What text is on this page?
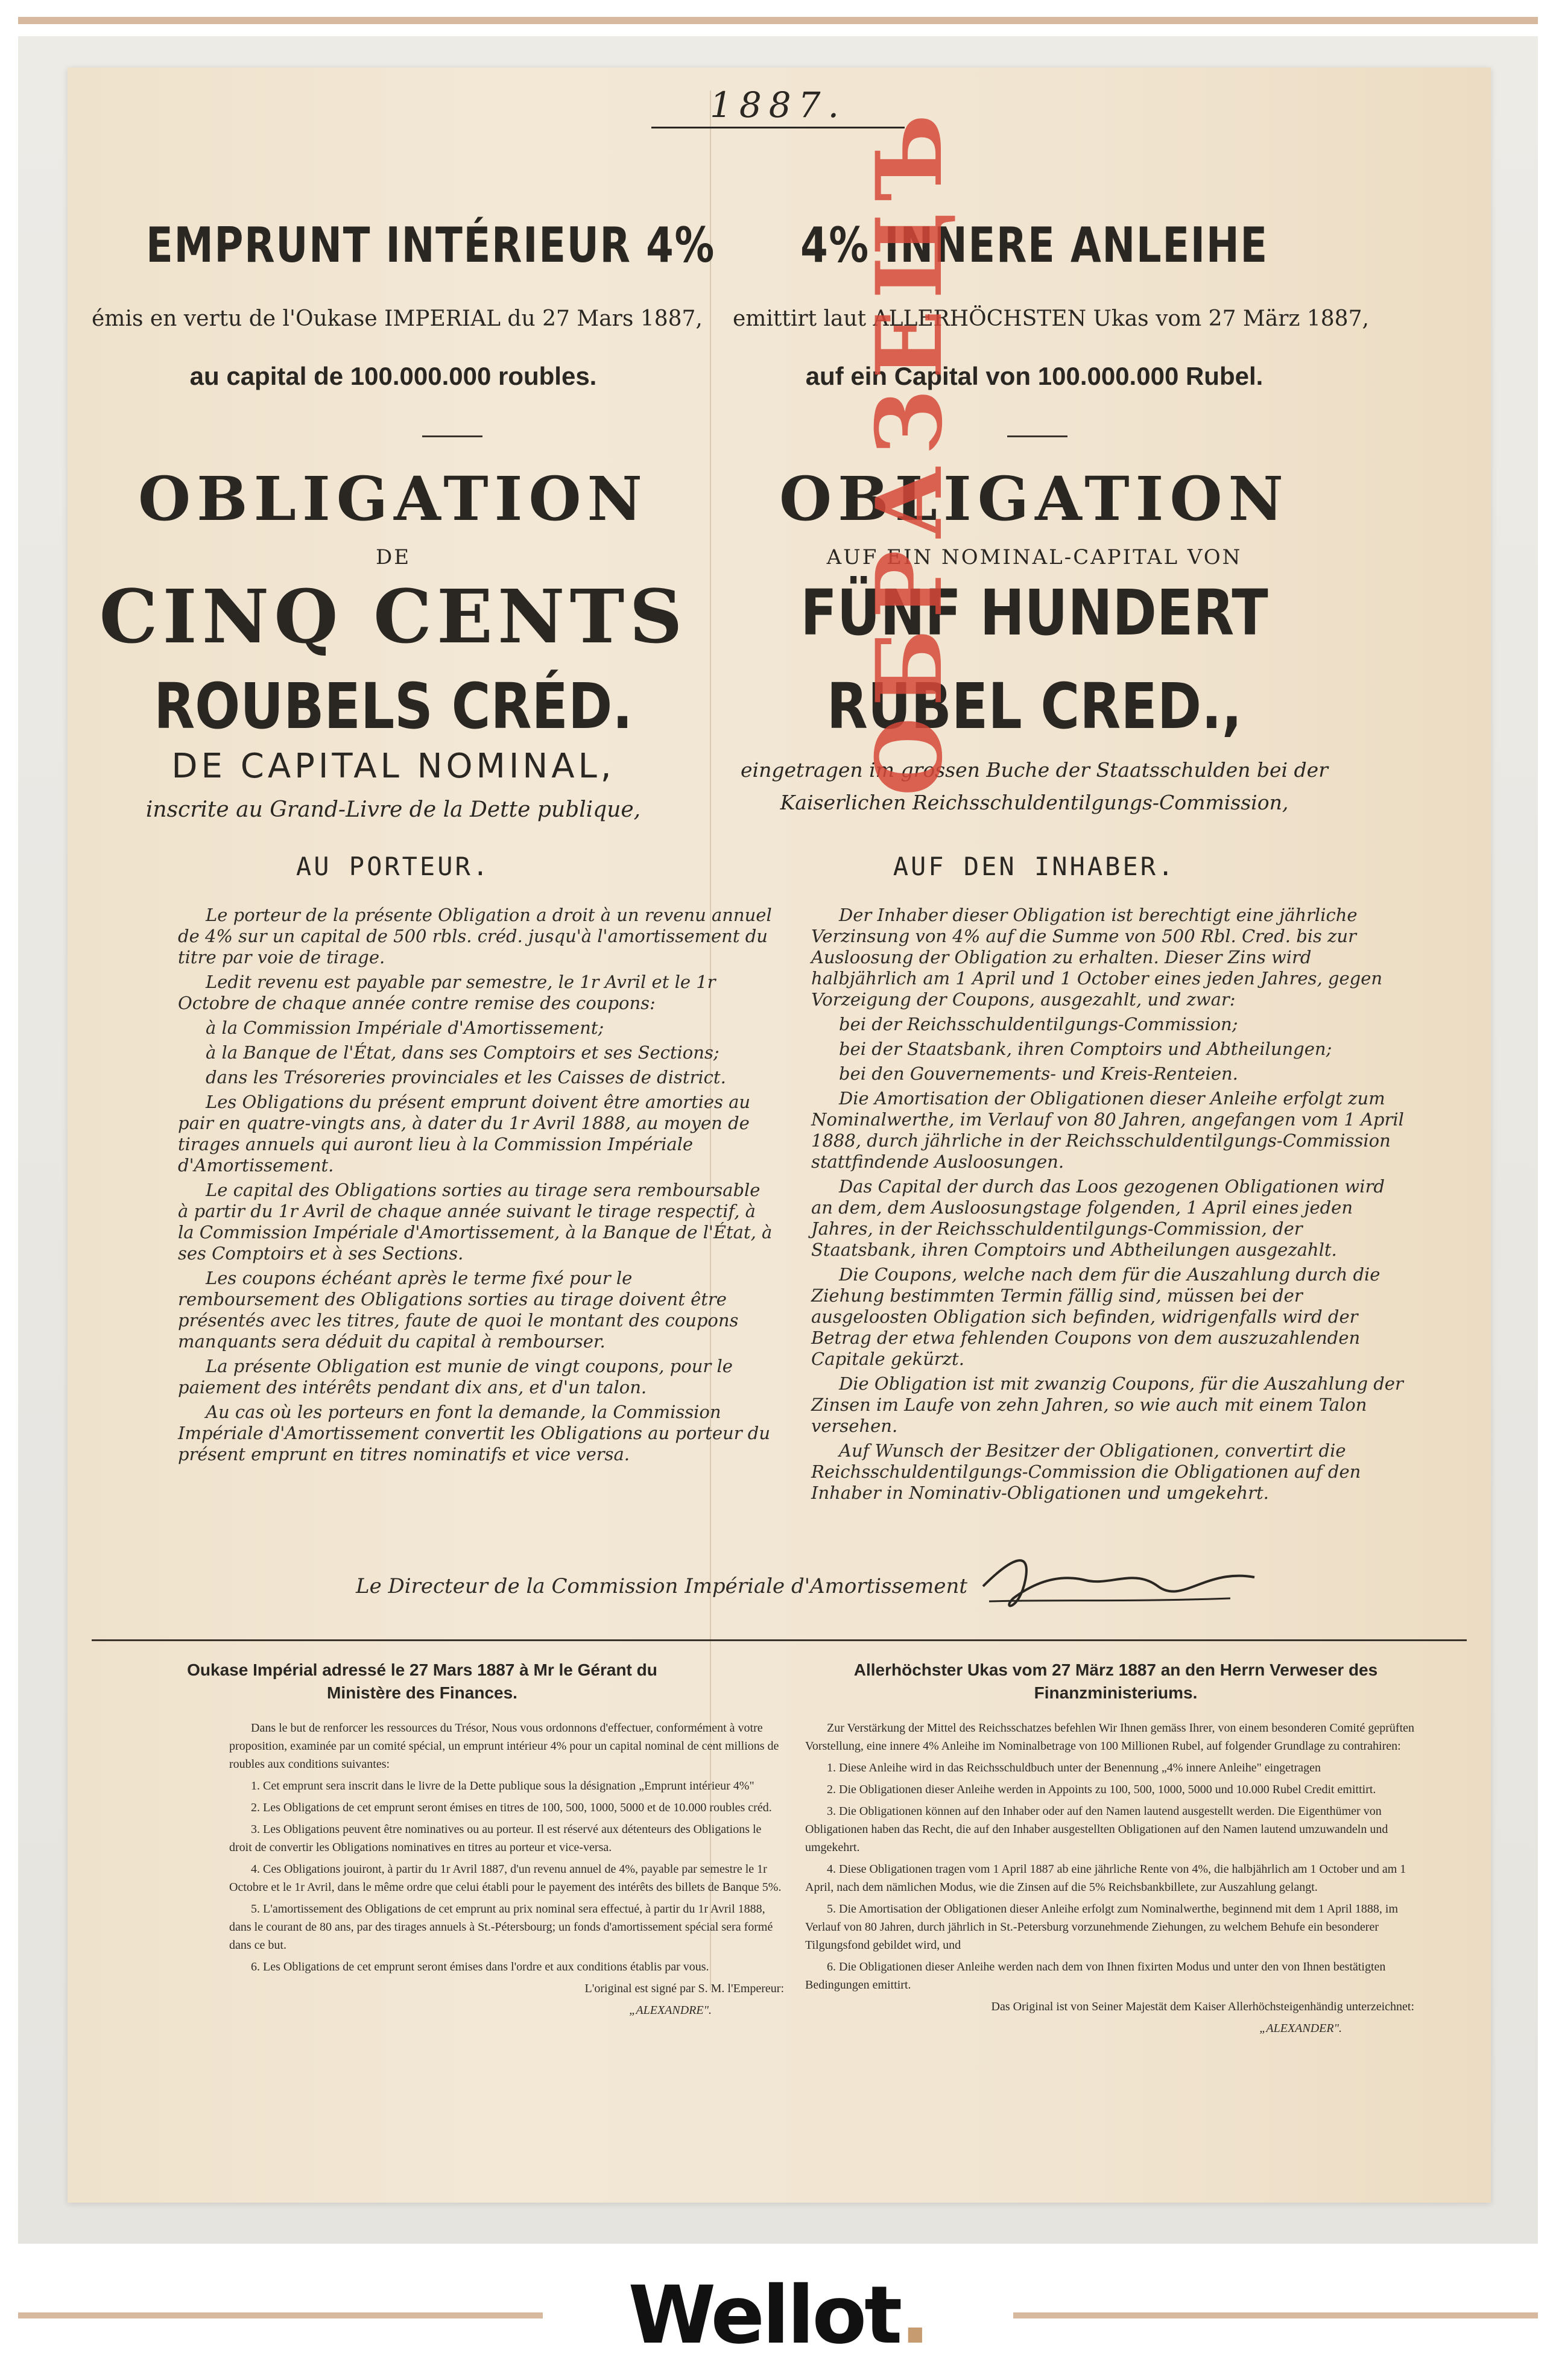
1887.
EMPRUNT INTÉRIEUR 4%
émis en vertu de l'Oukase IMPERIAL du 27 Mars 1887,
au capital de 100.000.000 roubles.
OBLIGATION
DE
CINQ CENTS
ROUBELS CRÉD.
DE CAPITAL NOMINAL,
inscrite au Grand-Livre de la Dette publique,
AU PORTEUR.

Le porteur de la présente Obligation a droit à un revenu annuel de 4% sur un capital de 500 rbls. créd. jusqu'à l'amortissement du titre par voie de tirage.

Ledit revenu est payable par semestre, le 1r Avril et le 1r Octobre de chaque année contre remise des coupons:

à la Commission Impériale d'Amortissement;

à la Banque de l'État, dans ses Comptoirs et ses Sections;

dans les Trésoreries provinciales et les Caisses de district.

Les Obligations du présent emprunt doivent être amorties au pair en quatre-vingts ans, à dater du 1r Avril 1888, au moyen de tirages annuels qui auront lieu à la Commission Impériale d'Amortissement.

Le capital des Obligations sorties au tirage sera remboursable à partir du 1r Avril de chaque année suivant le tirage respectif, à la Commission Impériale d'Amortissement, à la Banque de l'État, à ses Comptoirs et à ses Sections.

Les coupons échéant après le terme fixé pour le remboursement des Obligations sorties au tirage doivent être présentés avec les titres, faute de quoi le montant des coupons manquants sera déduit du capital à rembourser.

La présente Obligation est munie de vingt coupons, pour le paiement des intérêts pendant dix ans, et d'un talon.

Au cas où les porteurs en font la demande, la Commission Impériale d'Amortissement convertit les Obligations au porteur du présent emprunt en titres nominatifs et vice versa.

4% INNERE ANLEIHE
emittirt laut ALLERHÖCHSTEN Ukas vom 27 März 1887,
auf ein Capital von 100.000.000 Rubel.
OBLIGATION
AUF EIN NOMINAL-CAPITAL VON
FÜNF HUNDERT
RUBEL CRED.,
eingetragen im grossen Buche der Staatsschulden bei der Kaiserlichen Reichsschuldentilgungs-Commission,
AUF DEN INHABER.

Der Inhaber dieser Obligation ist berechtigt eine jährliche Verzinsung von 4% auf die Summe von 500 Rbl. Cred. bis zur Ausloosung der Obligation zu erhalten. Dieser Zins wird halbjährlich am 1 April und 1 October eines jeden Jahres, gegen Vorzeigung der Coupons, ausgezahlt, und zwar:

bei der Reichsschuldentilgungs-Commission;

bei der Staatsbank, ihren Comptoirs und Abtheilungen;

bei den Gouvernements- und Kreis-Renteien.

Die Amortisation der Obligationen dieser Anleihe erfolgt zum Nominalwerthe, im Verlauf von 80 Jahren, angefangen vom 1 April 1888, durch jährliche in der Reichsschuldentilgungs-Commission stattfindende Ausloosungen.

Das Capital der durch das Loos gezogenen Obligationen wird an dem, dem Ausloosungstage folgenden, 1 April eines jeden Jahres, in der Reichsschuldentilgungs-Commission, der Staatsbank, ihren Comptoirs und Abtheilungen ausgezahlt.

Die Coupons, welche nach dem für die Auszahlung durch die Ziehung bestimmten Termin fällig sind, müssen bei der ausgeloosten Obligation sich befinden, widrigenfalls wird der Betrag der etwa fehlenden Coupons von dem auszuzahlenden Capitale gekürzt.

Die Obligation ist mit zwanzig Coupons, für die Auszahlung der Zinsen im Laufe von zehn Jahren, so wie auch mit einem Talon versehen.

Auf Wunsch der Besitzer der Obligationen, convertirt die Reichsschuldentilgungs-Commission die Obligationen auf den Inhaber in Nominativ-Obligationen und umgekehrt.

ОБРАЗЕЦЪ
Le Directeur de la Commission Impériale d'Amortissement
Oukase Impérial adressé le 27 Mars 1887 à Mr le Gérant du Ministère des Finances.

Dans le but de renforcer les ressources du Trésor, Nous vous ordonnons d'effectuer, conformément à votre proposition, examinée par un comité spécial, un emprunt intérieur 4% pour un capital nominal de cent millions de roubles aux conditions suivantes:

1. Cet emprunt sera inscrit dans le livre de la Dette publique sous la désignation „Emprunt intérieur 4%"

2. Les Obligations de cet emprunt seront émises en titres de 100, 500, 1000, 5000 et de 10.000 roubles créd.

3. Les Obligations peuvent être nominatives ou au porteur. Il est réservé aux détenteurs des Obligations le droit de convertir les Obligations nominatives en titres au porteur et vice-versa.

4. Ces Obligations jouiront, à partir du 1r Avril 1887, d'un revenu annuel de 4%, payable par semestre le 1r Octobre et le 1r Avril, dans le même ordre que celui établi pour le payement des intérêts des billets de Banque 5%.

5. L'amortissement des Obligations de cet emprunt au prix nominal sera effectué, à partir du 1r Avril 1888, dans le courant de 80 ans, par des tirages annuels à St.-Pétersbourg; un fonds d'amortissement spécial sera formé dans ce but.

6. Les Obligations de cet emprunt seront émises dans l'ordre et aux conditions établis par vous.

L'original est signé par S. M. l'Empereur:

„ALEXANDRE".

Allerhöchster Ukas vom 27 März 1887 an den Herrn Verweser des Finanzministeriums.

Zur Verstärkung der Mittel des Reichsschatzes befehlen Wir Ihnen gemäss Ihrer, von einem besonderen Comité geprüften Vorstellung, eine innere 4% Anleihe im Nominalbetrage von 100 Millionen Rubel, auf folgender Grundlage zu contrahiren:

1. Diese Anleihe wird in das Reichsschuldbuch unter der Benennung „4% innere Anleihe" eingetragen

2. Die Obligationen dieser Anleihe werden in Appoints zu 100, 500, 1000, 5000 und 10.000 Rubel Credit emittirt.

3. Die Obligationen können auf den Inhaber oder auf den Namen lautend ausgestellt werden. Die Eigenthümer von Obligationen haben das Recht, die auf den Inhaber ausgestellten Obligationen auf den Namen lautend umzuwandeln und umgekehrt.

4. Diese Obligationen tragen vom 1 April 1887 ab eine jährliche Rente von 4%, die halbjährlich am 1 October und am 1 April, nach dem nämlichen Modus, wie die Zinsen auf die 5% Reichsbankbillete, zur Auszahlung gelangt.

5. Die Amortisation der Obligationen dieser Anleihe erfolgt zum Nominalwerthe, beginnend mit dem 1 April 1888, im Verlauf von 80 Jahren, durch jährlich in St.-Petersburg vorzunehmende Ziehungen, zu welchem Behufe ein besonderer Tilgungsfond gebildet wird, und

6. Die Obligationen dieser Anleihe werden nach dem von Ihnen fixirten Modus und unter den von Ihnen bestätigten Bedingungen emittirt.

Das Original ist von Seiner Majestät dem Kaiser Allerhöchsteigenhändig unterzeichnet:

„ALEXANDER".

Wellot.
